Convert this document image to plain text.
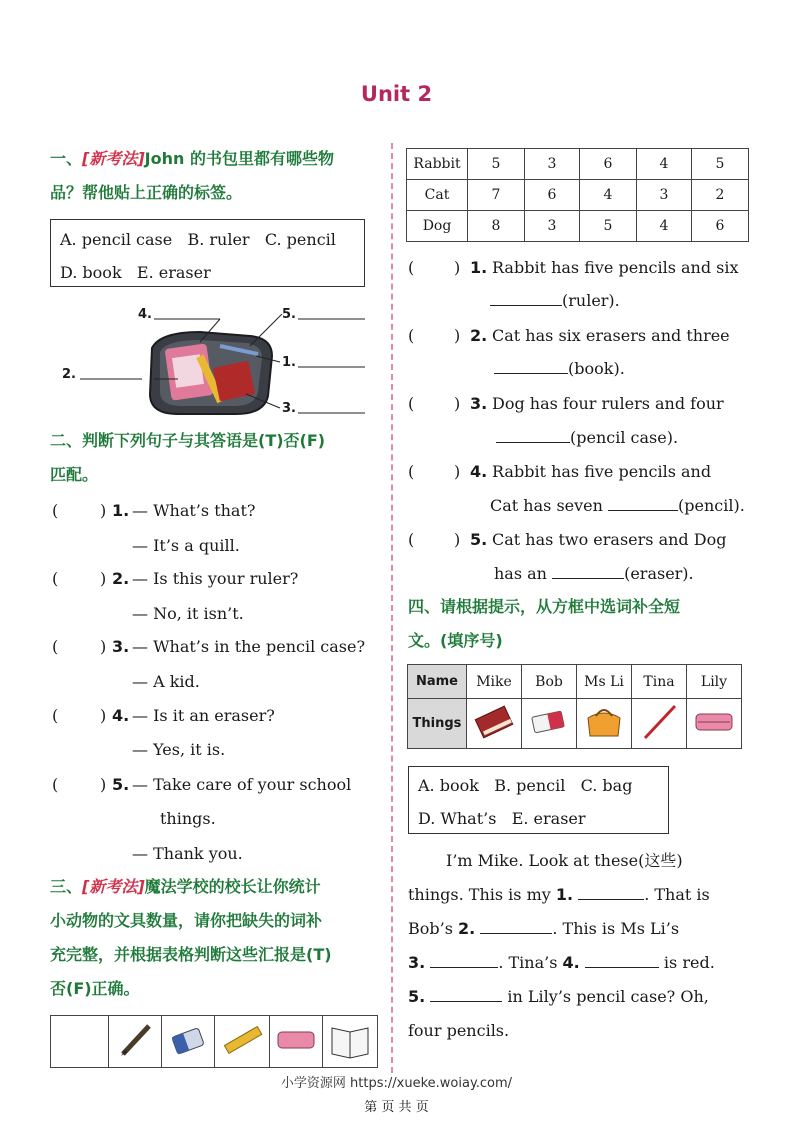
Unit 2
一、[新考法]John 的书包里都有哪些物
品？帮他贴上正确的标签。
A. pencil case   B. ruler   C. pencil
D. book   E. eraser
4.	5.
1.
2.
3.
二、判断下列句子与其答语是(T)否(F)
匹配。
(	) 1. — What’s that?
— It’s a quill.
(	) 2. — Is this your ruler?
— No, it isn’t.
(	) 3. — What’s in the pencil case?
— A kid.
(	) 4. — Is it an eraser?
— Yes, it is.
(	) 5. — Take care of your school
things.
— Thank you.
三、[新考法]魔法学校的校长让你统计
小动物的文具数量，请你把缺失的词补
充完整，并根据表格判断这些汇报是(T)
否(F)正确。

Rabbit	5	3	6	4	5
Cat	7	6	4	3	2
Dog	8	3	5	4	6
( ) 1. Rabbit has five pencils and six
(ruler).
( ) 2. Cat has six erasers and three
(book).
( ) 3. Dog has four rulers and four
(pencil case).
( ) 4. Rabbit has five pencils and
Cat has seven	(pencil).
( ) 5. Cat has two erasers and Dog
has an	(eraser).
四、请根据提示，从方框中选词补全短
文。(填序号)
Name	Mike	Bob	Ms Li	Tina	Lily
Things					
A. book   B. pencil   C. bag
D. What’s   E. eraser
I’m Mike. Look at these(这些)
things. This is my 1.	. That is
Bob’s 2.	. This is Ms Li’s
3.	. Tina’s 4.	is red.
5.	in Lily’s pencil case? Oh,
four pencils.
小学资源网 https://xueke.woiay.com/
第 页 共 页
